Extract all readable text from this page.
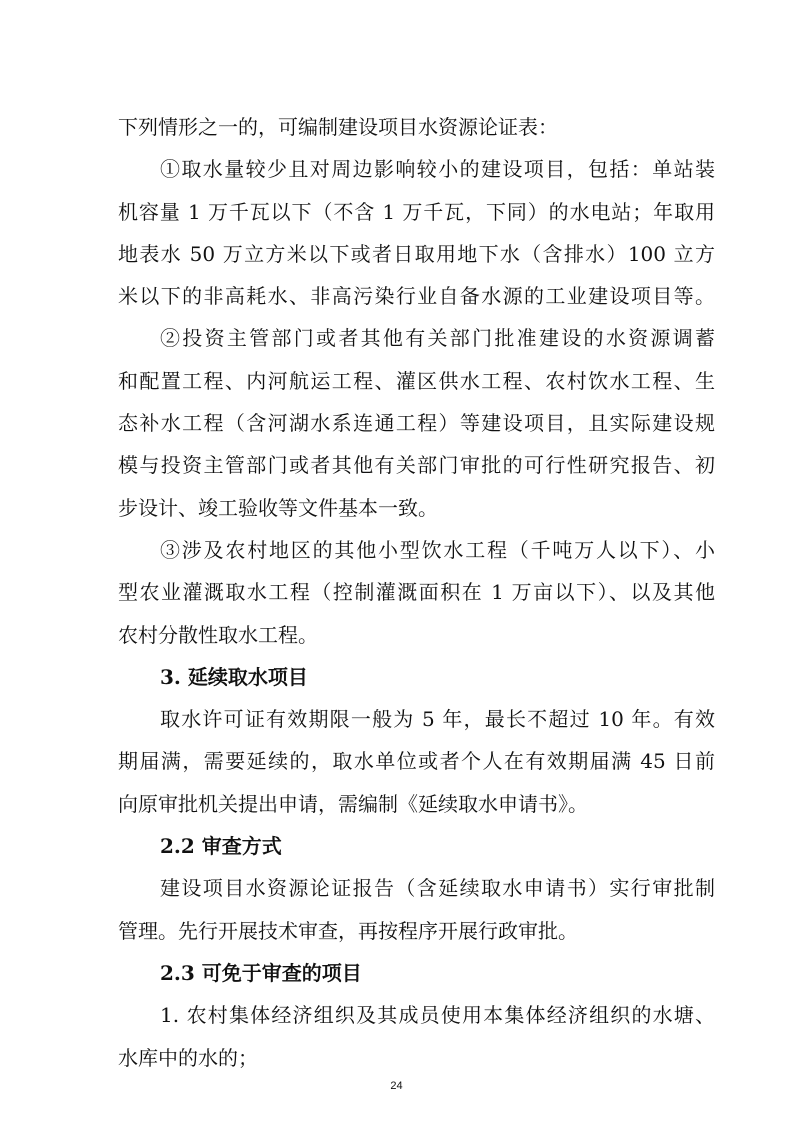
下列情形之一的，可编制建设项目水资源论证表：
①取水量较少且对周边影响较小的建设项目，包括：单站装
机容量 1 万千瓦以下（不含 1 万千瓦，下同）的水电站；年取用
地表水 50 万立方米以下或者日取用地下水（含排水）100 立方
米以下的非高耗水、非高污染行业自备水源的工业建设项目等。
②投资主管部门或者其他有关部门批准建设的水资源调蓄
和配置工程、内河航运工程、灌区供水工程、农村饮水工程、生
态补水工程（含河湖水系连通工程）等建设项目，且实际建设规
模与投资主管部门或者其他有关部门审批的可行性研究报告、初
步设计、竣工验收等文件基本一致。
③涉及农村地区的其他小型饮水工程（千吨万人以下）、小
型农业灌溉取水工程（控制灌溉面积在 1 万亩以下）、以及其他
农村分散性取水工程。
3. 延续取水项目
取水许可证有效期限一般为 5 年，最长不超过 10 年。有效
期届满，需要延续的，取水单位或者个人在有效期届满 45 日前
向原审批机关提出申请，需编制《延续取水申请书》。
2.2 审查方式
建设项目水资源论证报告（含延续取水申请书）实行审批制
管理。先行开展技术审查，再按程序开展行政审批。
2.3 可免于审查的项目
1. 农村集体经济组织及其成员使用本集体经济组织的水塘、
水库中的水的；
24
